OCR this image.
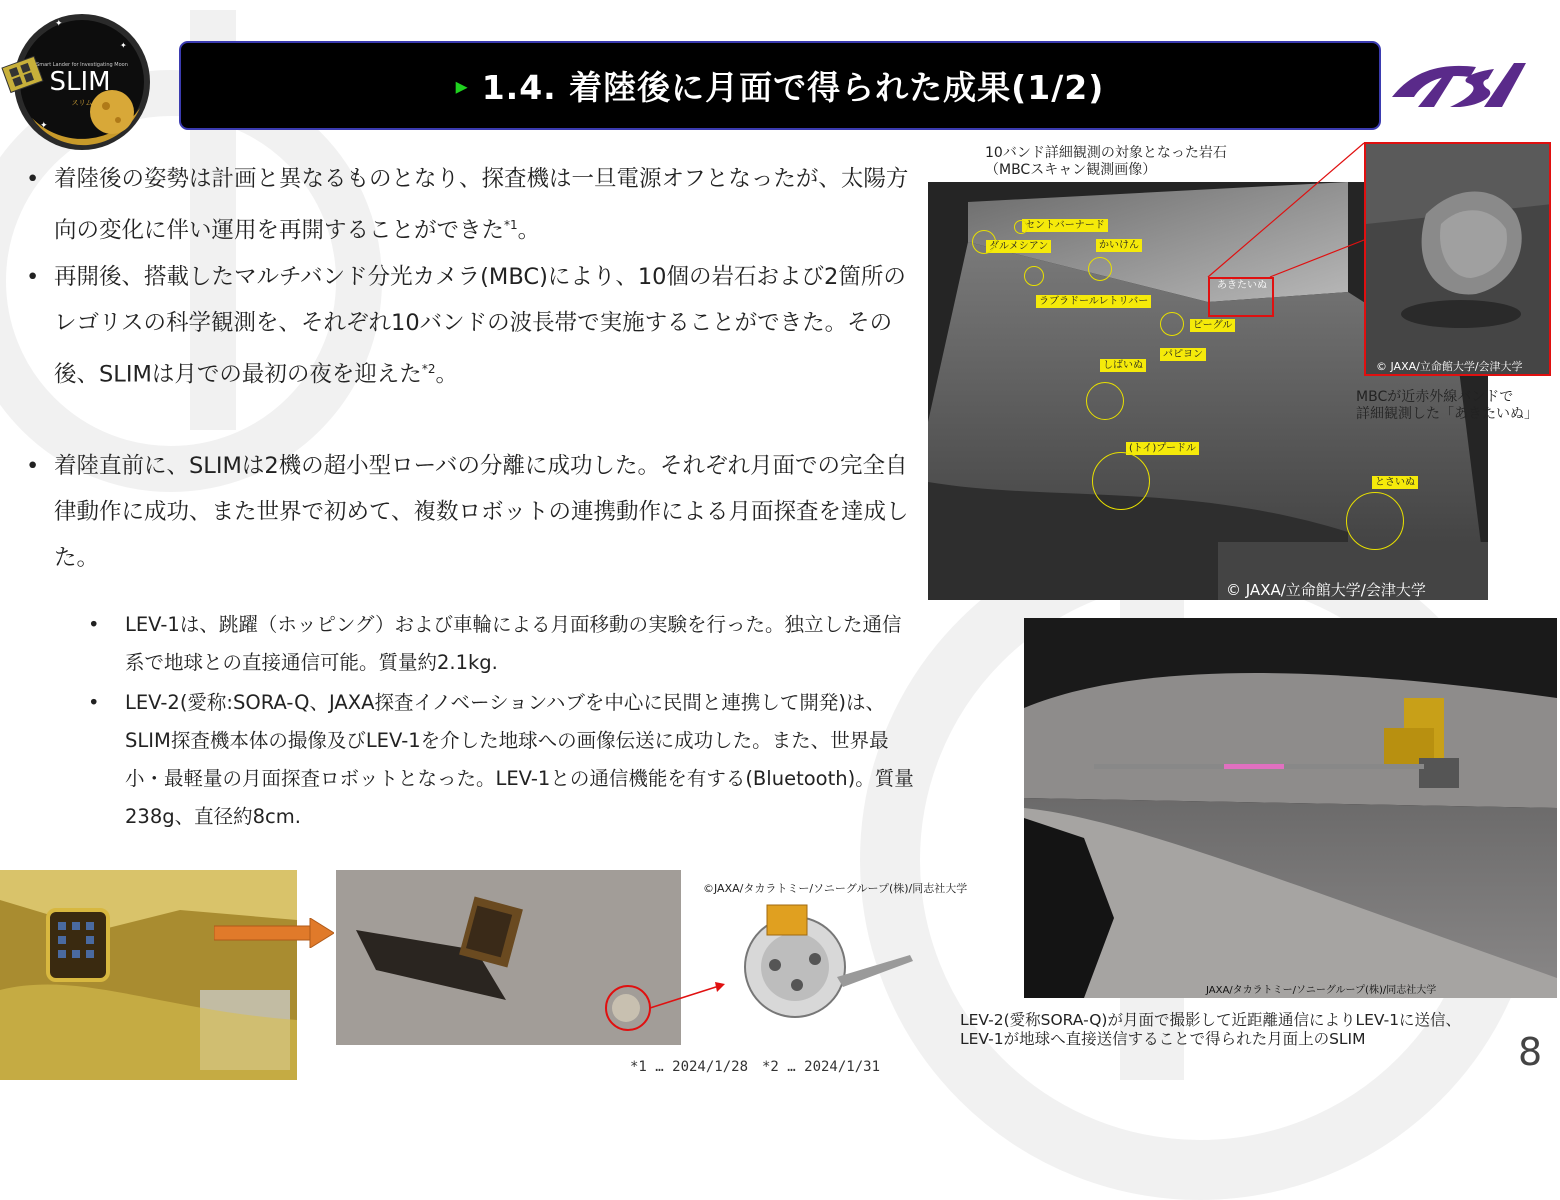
✦
✦
✦
SLIM
Smart Lander for Investigating Moon
スリム
▸ 1.4. 着陸後に月面で得られた成果(1/2)
ISAS
• 着陸後の姿勢は計画と異なるものとなり、探査機は一旦電源オフとなったが、太陽方向の変化に伴い運用を再開することができた$^{*1}$。
• 再開後、搭載したマルチバンド分光カメラ(MBC)により、10個の岩石および2箇所のレゴリスの科学観測を、それぞれ10バンドの波長帯で実施することができた。その後、SLIMは月での最初の夜を迎えた$^{*2}$。
• 着陸直前に、SLIMは2機の超小型ローバの分離に成功した。それぞれ月面での完全自律動作に成功、また世界で初めて、複数ロボットの連携動作による月面探査を達成した。
• LEV-1は、跳躍（ホッピング）および車輪による月面移動の実験を行った。独立した通信系で地球との直接通信可能。質量約2.1kg.
• LEV-2(愛称:SORA-Q、JAXA探査イノベーションハブを中心に民間と連携して開発)は、SLIM探査機本体の撮像及びLEV-1を介した地球への画像伝送に成功した。また、世界最小・最軽量の月面探査ロボットとなった。LEV-1との通信機能を有する(Bluetooth)。質量238g、直径約8cm.
10バンド詳細観測の対象となった岩石
（MBCスキャン観測画像）
セントバーナード
ダルメシアン	かいけん
ラブラドールレトリバー
あきたいぬ
ビーグル
パピヨン
しばいぬ
(トイ)プードル
とさいぬ
© JAXA/立命館大学/会津大学
© JAXA/立命館大学/会津大学
MBCが近赤外線バンドで
詳細観測した「あきたいぬ」
JAXA/タカラトミー/ソニーグループ(株)/同志社大学
LEV-2(愛称SORA-Q)が月面で撮影して近距離通信によりLEV-1に送信、
LEV-1が地球へ直接送信することで得られた月面上のSLIM
©JAXA/タカラトミー/ソニーグループ(株)/同志社大学
*1 … 2024/1/28　*2 … 2024/1/31	8
